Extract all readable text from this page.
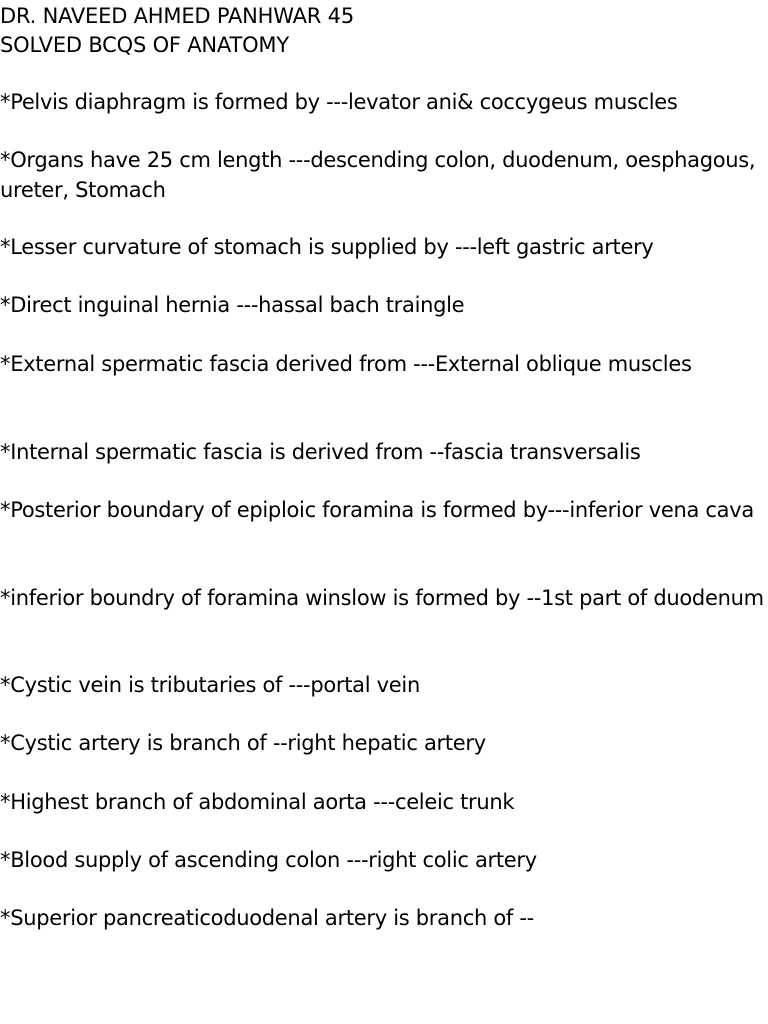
DR. NAVEED AHMED PANHWAR 45
SOLVED BCQS OF ANATOMY
*Pelvis diaphragm is formed by ---levator ani& coccygeus muscles
*Organs have 25 cm length ---descending colon, duodenum, oesphagous, ureter, Stomach
*Lesser curvature of stomach is supplied by ---left gastric artery
*Direct inguinal hernia ---hassal bach traingle
*External spermatic fascia derived from ---External oblique muscles
*Internal spermatic fascia is derived from --fascia transversalis
*Posterior boundary of epiploic foramina is formed by---inferior vena cava
*inferior boundry of foramina winslow is formed by --1st part of duodenum
*Cystic vein is tributaries of ---portal vein
*Cystic artery is branch of --right hepatic artery
*Highest branch of abdominal aorta ---celeic trunk
*Blood supply of ascending colon ---right colic artery
*Superior pancreaticoduodenal artery is branch of --
